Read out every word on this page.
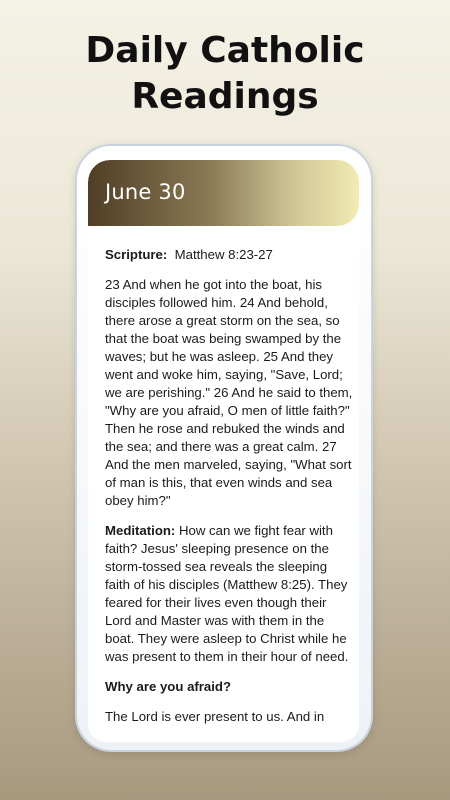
Daily Catholic
Readings
June 30

Scripture: Matthew 8:23-27

23 And when he got into the boat, his disciples followed him. 24 And behold, there arose a great storm on the sea, so that the boat was being swamped by the waves; but he was asleep. 25 And they went and woke him, saying, "Save, Lord; we are perishing." 26 And he said to them, "Why are you afraid, O men of little faith?" Then he rose and rebuked the winds and the sea; and there was a great calm. 27 And the men marveled, saying, "What sort of man is this, that even winds and sea obey him?"

Meditation: How can we fight fear with faith? Jesus' sleeping presence on the storm-tossed sea reveals the sleeping faith of his disciples (Matthew 8:25). They feared for their lives even though their Lord and Master was with them in the boat. They were asleep to Christ while he was present to them in their hour of need.

Why are you afraid?

The Lord is ever present to us. And in
